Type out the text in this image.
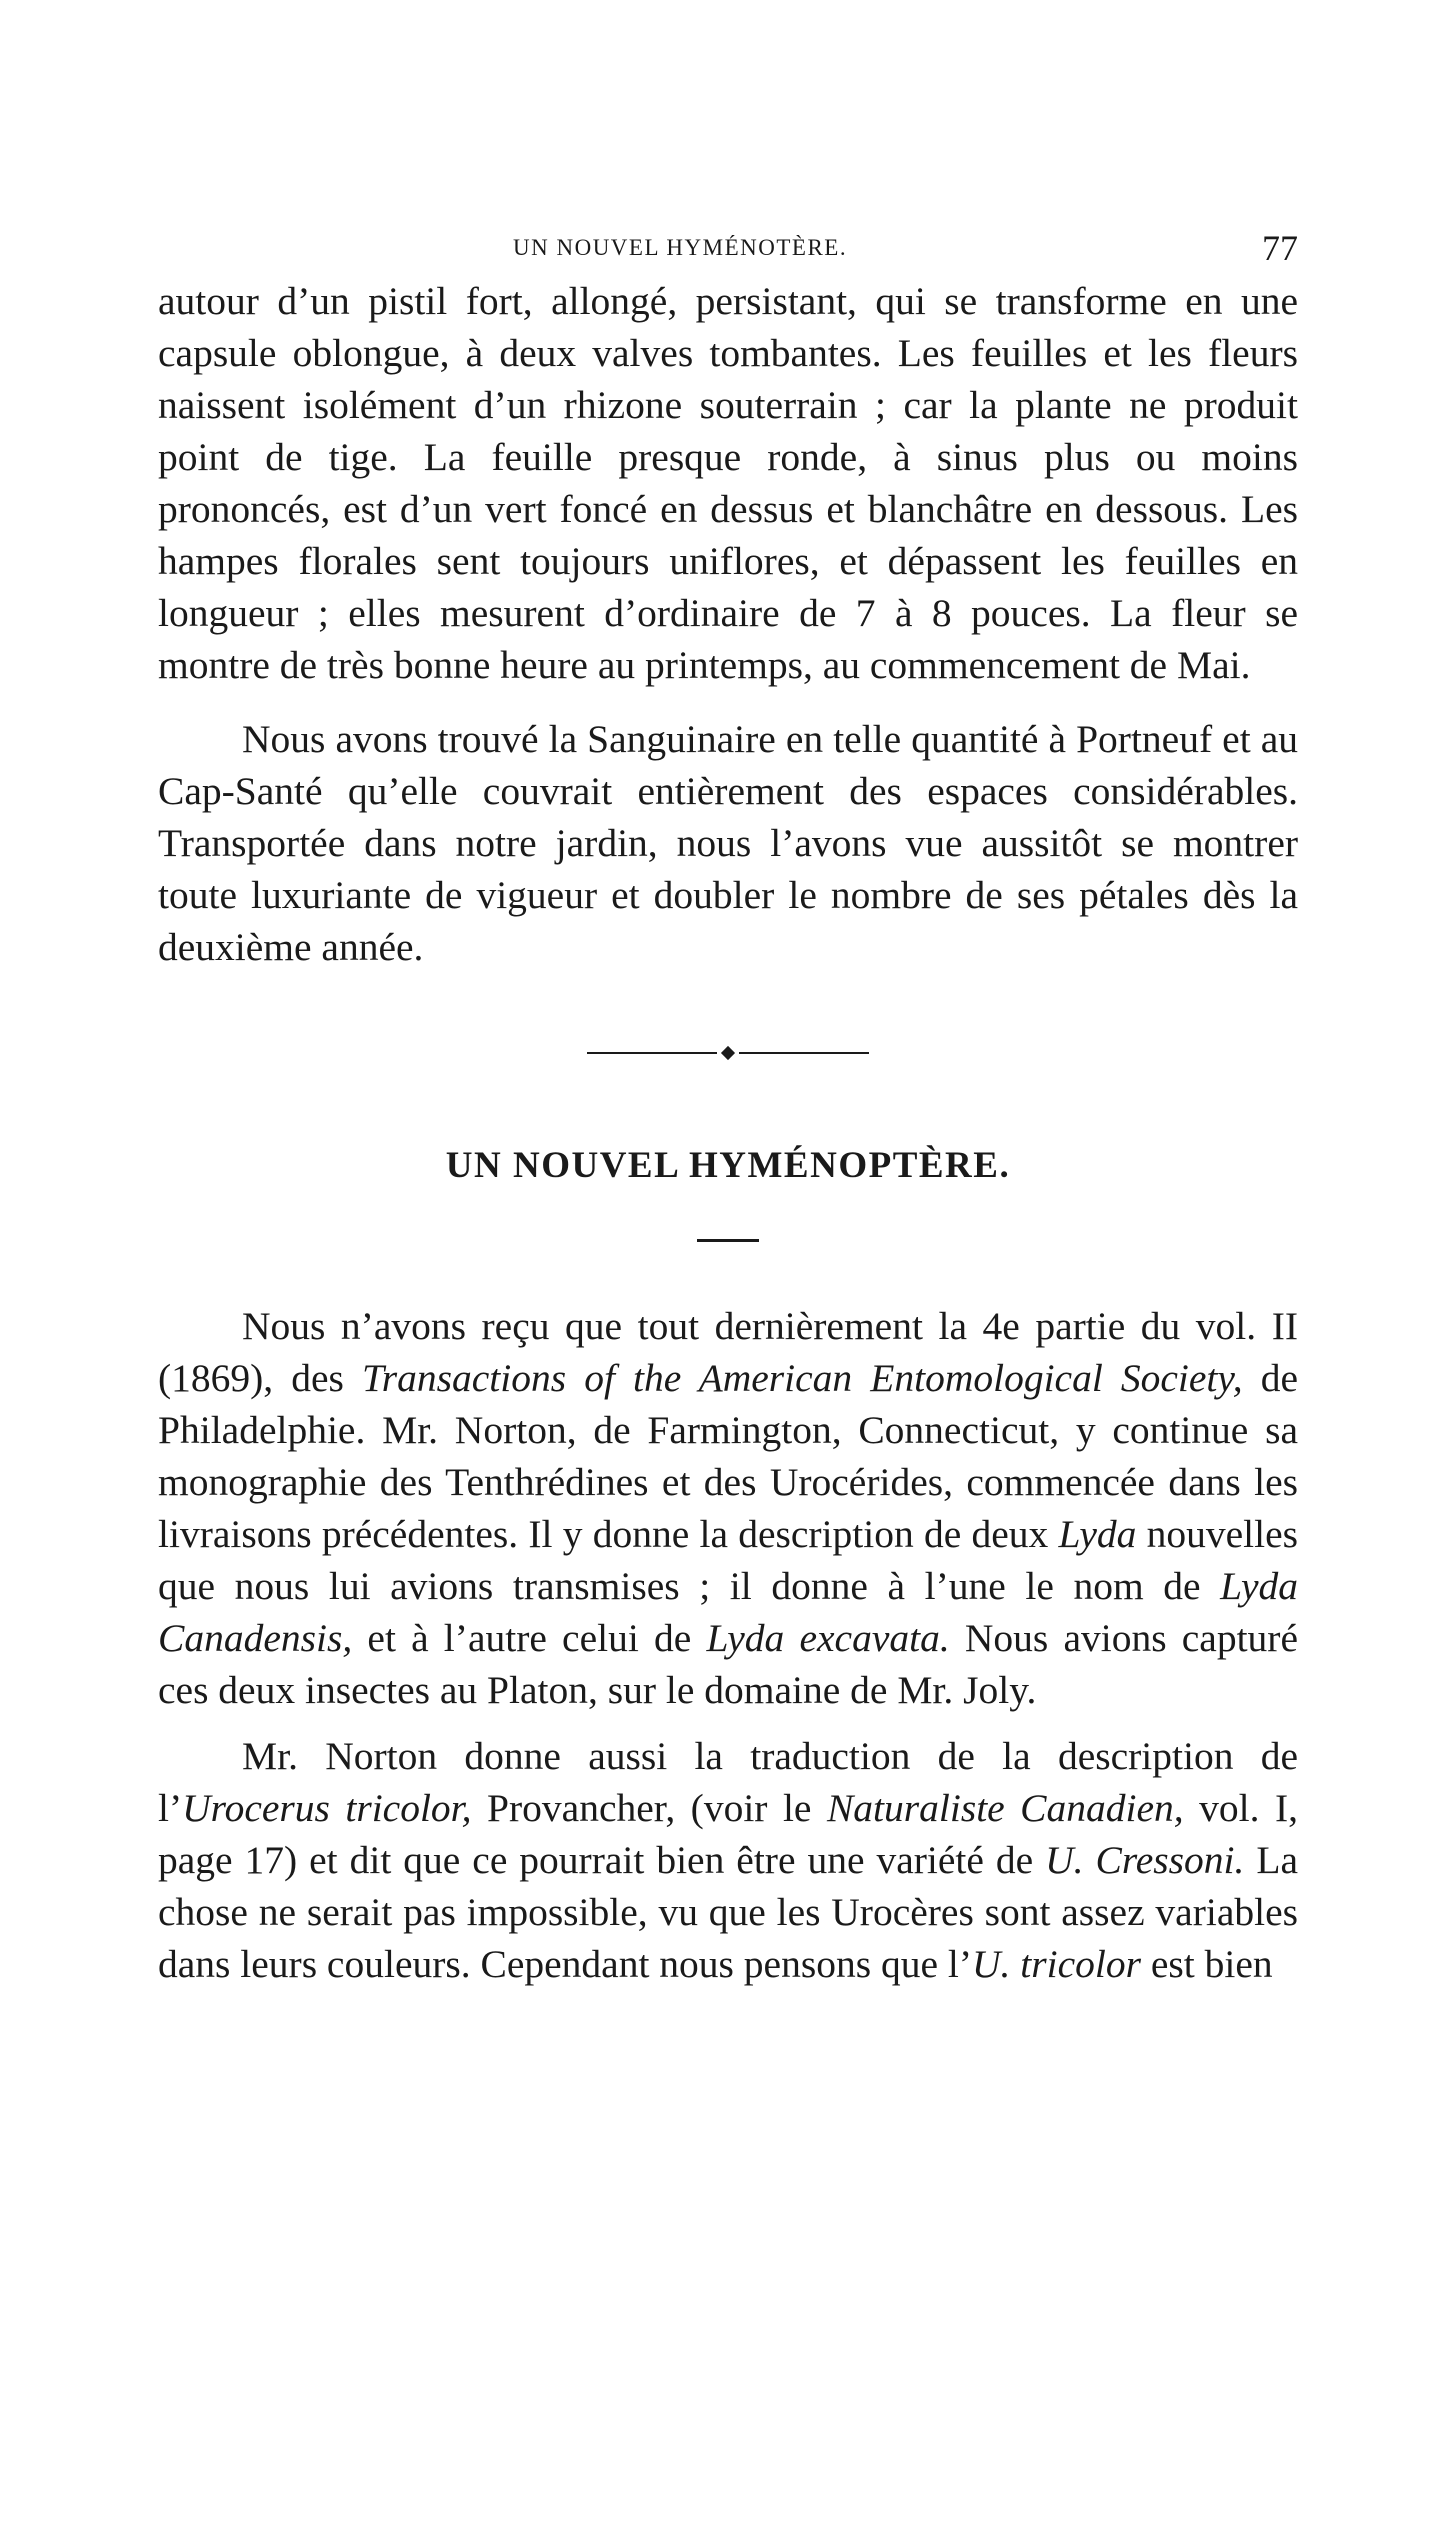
UN NOUVEL HYMÉNOTÈRE.	77

autour d’un pistil fort, allongé, persistant, qui se transforme en une capsule oblongue, à deux valves tombantes. Les feuilles et les fleurs naissent isolément d’un rhizone souterrain ; car la plante ne produit point de tige. La feuille presque ronde, à sinus plus ou moins prononcés, est d’un vert foncé en dessus et blanchâtre en dessous. Les hampes florales sent toujours uniflores, et dépassent les feuilles en longueur ; elles mesurent d’ordinaire de 7 à 8 pouces. La fleur se montre de très bonne heure au printemps, au commencement de Mai.

Nous avons trouvé la Sanguinaire en telle quantité à Portneuf et au Cap-Santé qu’elle couvrait entièrement des espaces considérables. Transportée dans notre jardin, nous l’avons vue aussitôt se montrer toute luxuriante de vigueur et doubler le nombre de ses pétales dès la deuxième année.

UN NOUVEL HYMÉNOPTÈRE.

Nous n’avons reçu que tout dernièrement la 4e partie du vol. II (1869), des Transactions of the American Entomological Society, de Philadelphie. Mr. Norton, de Farmington, Connecticut, y continue sa monographie des Tenthrédines et des Urocérides, commencée dans les livraisons précédentes. Il y donne la description de deux Lyda nouvelles que nous lui avions transmises ; il donne à l’une le nom de Lyda Canadensis, et à l’autre celui de Lyda excavata. Nous avions capturé ces deux insectes au Platon, sur le domaine de Mr. Joly.

Mr. Norton donne aussi la traduction de la description de l’Urocerus tricolor, Provancher, (voir le Naturaliste Canadien, vol. I, page 17) et dit que ce pourrait bien être une variété de U. Cressoni. La chose ne serait pas impossible, vu que les Urocères sont assez variables dans leurs couleurs. Cependant nous pensons que l’U. tricolor est bien
